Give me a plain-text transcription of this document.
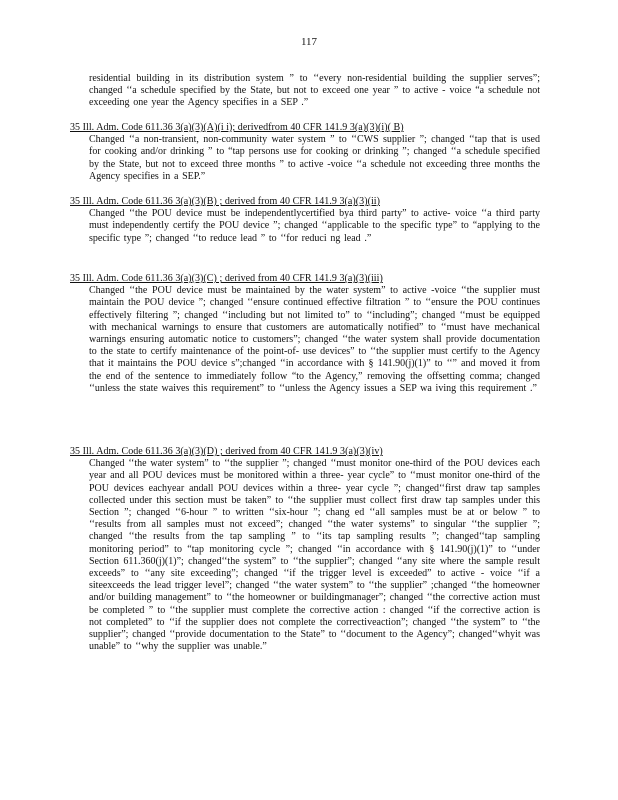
117
residential building in its distribution system ” to ‘‘every non-residential building the supplier serves”; changed ‘‘a schedule specified by the State, but not to exceed one year ” to active - voice “a schedule not exceeding one year the Agency specifies in a SEP .”
35 Ill. Adm. Code 611.36 3(a)(3)(A)(i i); derivedfrom 40 CFR 141.9 3(a)(3)(i)( B)
Changed ‘‘a non-transient, non-community water system ” to ‘‘CWS supplier ”; changed ‘‘tap that is used for cooking and/or drinking ” to “tap persons use for cooking or drinking ”; changed ‘‘a schedule specified by the State, but not to exceed three months ” to active -voice ‘‘a schedule not exceeding three months the Agency specifies in a SEP.”
35 Ill. Adm. Code 611.36 3(a)(3)(B) ; derived from 40 CFR 141.9 3(a)(3)(ii)
Changed ‘‘the POU device must be independentlycertified bya third party” to active- voice ‘‘a third party must independently certify the POU device ”; changed ‘‘applicable to the specific type” to “applying to the specific type ”; changed ‘‘to reduce lead ” to ‘‘for reduci ng lead .”
35 Ill. Adm. Code 611.36 3(a)(3)(C) ; derived from 40 CFR 141.9 3(a)(3)(iii)
Changed ‘‘the POU device must be maintained by the water system” to active -voice ‘‘the supplier must maintain the POU device ”; changed ‘‘ensure continued effective filtration ” to ‘‘ensure the POU continues effectively filtering ”; changed ‘‘including but not limited to” to ‘‘including”; changed ‘‘must be equipped with mechanical warnings to ensure that customers are automatically notified” to ‘‘must have mechanical warnings ensuring automatic notice to customers”; changed ‘‘the water system shall provide documentation to the state to certify maintenance of the point-of- use devices” to ‘‘the supplier must certify to the Agency that it maintains the POU device s”;changed ‘‘in accordance with § 141.90(j)(1)” to ‘‘” and moved it from the end of the sentence to immediately follow “to the Agency,” removing the offsetting comma; changed ‘‘unless the state waives this requirement” to ‘‘unless the Agency issues a SEP wa iving this requirement .”
35 Ill. Adm. Code 611.36 3(a)(3)(D) ; derived from 40 CFR 141.9 3(a)(3)(iv)
Changed ‘‘the water system” to ‘‘the supplier ”; changed ‘‘must monitor one-third of the POU devices each year and all POU devices must be monitored within a three- year cycle” to ‘‘must monitor one-third of the POU devices eachyear andall POU devices within a three- year cycle ”; changed‘‘first draw tap samples collected under this section must be taken” to ‘‘the supplier must collect first draw tap samples under this Section ”; changed ‘‘6-hour ” to written ‘‘six-hour ”; chang ed ‘‘all samples must be at or below ” to ‘‘results from all samples must not exceed”; changed ‘‘the water systems” to singular ‘‘the supplier ”; changed ‘‘the results from the tap sampling ” to ‘‘its tap sampling results ”; changed‘‘tap sampling monitoring period” to “tap monitoring cycle ”; changed ‘‘in accordance with § 141.90(j)(1)” to ‘‘under Section 611.360(j)(1)”; changed‘‘the system” to ‘‘the supplier”; changed ‘‘any site where the sample result exceeds” to ‘‘any site exceeding”; changed ‘‘if the trigger level is exceeded” to active - voice ‘‘if a siteexceeds the lead trigger level”; changed ‘‘the water system” to ‘‘the supplier” ;changed ‘‘the homeowner and/or building management” to ‘‘the homeowner or buildingmanager”; changed ‘‘the corrective action must be completed ” to ‘‘the supplier must complete the corrective action : changed ‘‘if the corrective action is not completed” to ‘‘if the supplier does not complete the correctiveaction”; changed ‘‘the system” to ‘‘the supplier”; changed ‘‘provide documentation to the State” to ‘‘document to the Agency”; changed‘‘whyit was unable” to ‘‘why the supplier was unable.”
